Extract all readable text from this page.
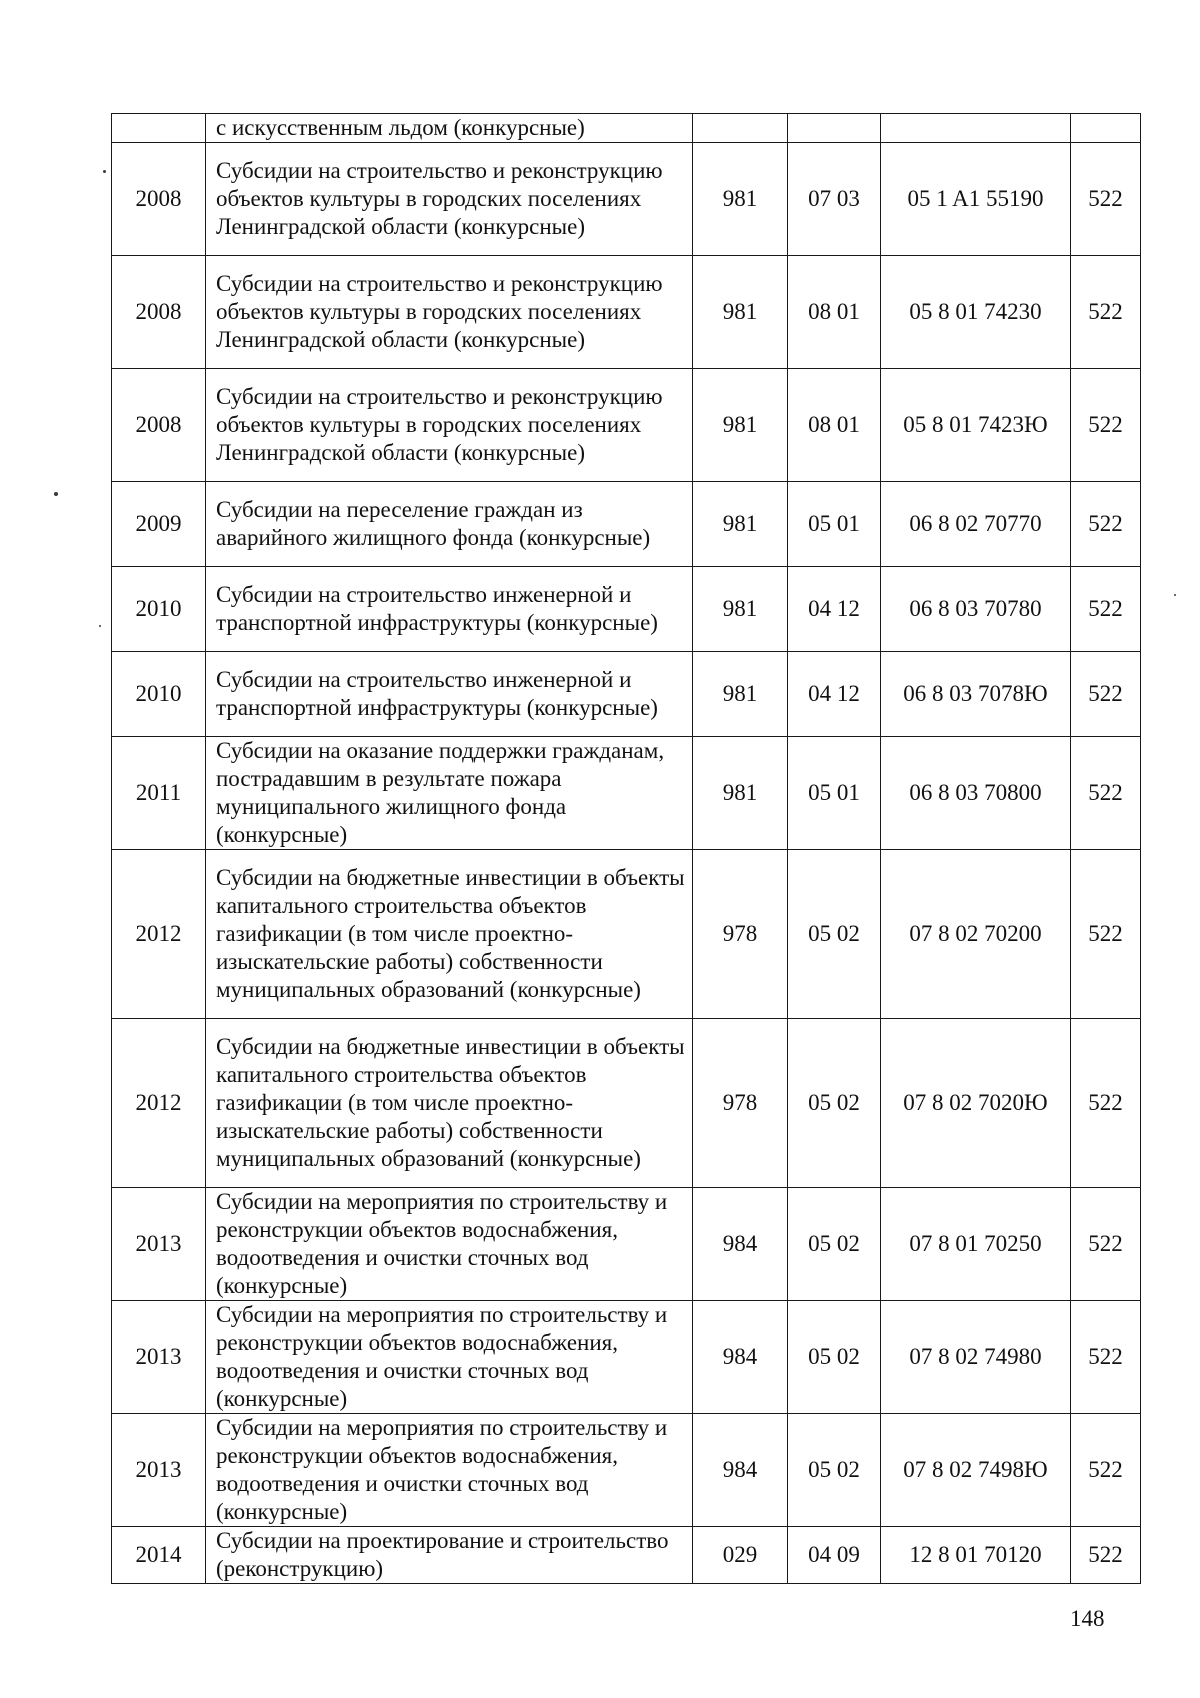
	с искусственным льдом (конкурсные)				
2008	Субсидии на строительство и реконструкцию объектов культуры в городских поселениях Ленинградской области (конкурсные)	981	07 03	05 1 A1 55190	522
2008	Субсидии на строительство и реконструкцию объектов культуры в городских поселениях Ленинградской области (конкурсные)	981	08 01	05 8 01 74230	522
2008	Субсидии на строительство и реконструкцию объектов культуры в городских поселениях Ленинградской области (конкурсные)	981	08 01	05 8 01 7423Ю	522
2009	Субсидии на переселение граждан из аварийного жилищного фонда (конкурсные)	981	05 01	06 8 02 70770	522
2010	Субсидии на строительство инженерной и транспортной инфраструктуры (конкурсные)	981	04 12	06 8 03 70780	522
2010	Субсидии на строительство инженерной и транспортной инфраструктуры (конкурсные)	981	04 12	06 8 03 7078Ю	522
2011	Субсидии на оказание поддержки гражданам, пострадавшим в результате пожара муниципального жилищного фонда (конкурсные)	981	05 01	06 8 03 70800	522
2012	Субсидии на бюджетные инвестиции в объекты капитального строительства объектов газификации (в том числе проектно-изыскательские работы) собственности муниципальных образований (конкурсные)	978	05 02	07 8 02 70200	522
2012	Субсидии на бюджетные инвестиции в объекты капитального строительства объектов газификации (в том числе проектно-изыскательские работы) собственности муниципальных образований (конкурсные)	978	05 02	07 8 02 7020Ю	522
2013	Субсидии на мероприятия по строительству и реконструкции объектов водоснабжения, водоотведения и очистки сточных вод (конкурсные)	984	05 02	07 8 01 70250	522
2013	Субсидии на мероприятия по строительству и реконструкции объектов водоснабжения, водоотведения и очистки сточных вод (конкурсные)	984	05 02	07 8 02 74980	522
2013	Субсидии на мероприятия по строительству и реконструкции объектов водоснабжения, водоотведения и очистки сточных вод (конкурсные)	984	05 02	07 8 02 7498Ю	522
2014	Субсидии на проектирование и строительство (реконструкцию)	029	04 09	12 8 01 70120	522
148
